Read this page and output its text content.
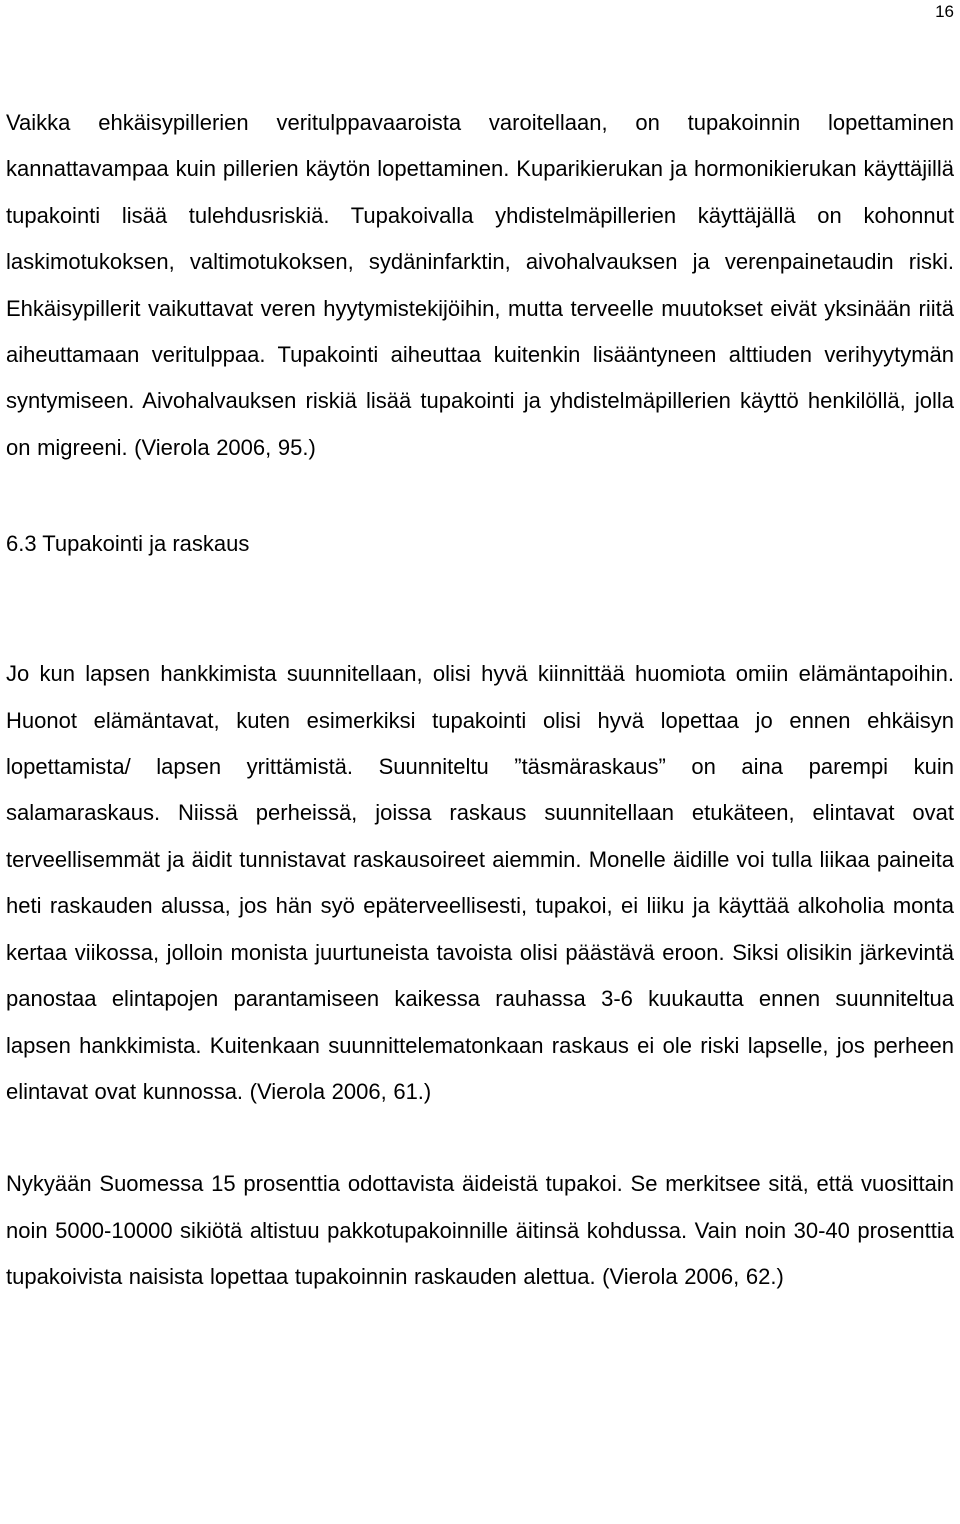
16

Vaikka ehkäisypillerien veritulppavaaroista varoitellaan, on tupakoinnin lopettaminen kannattavampaa kuin pillerien käytön lopettaminen. Kuparikierukan ja hormonikierukan käyttäjillä tupakointi lisää tulehdusriskiä. Tupakoivalla yhdistelmäpillerien käyttäjällä on kohonnut laskimotukoksen, valtimotukoksen, sydäninfarktin, aivohalvauksen ja verenpainetaudin riski. Ehkäisypillerit vaikuttavat veren hyytymistekijöihin, mutta terveelle muutokset eivät yksinään riitä aiheuttamaan veritulppaa. Tupakointi aiheuttaa kuitenkin lisääntyneen alttiuden verihyytymän syntymiseen. Aivohalvauksen riskiä lisää tupakointi ja yhdistelmäpillerien käyttö henkilöllä, jolla on migreeni. (Vierola 2006, 95.)

6.3 Tupakointi ja raskaus

Jo kun lapsen hankkimista suunnitellaan, olisi hyvä kiinnittää huomiota omiin elämäntapoihin. Huonot elämäntavat, kuten esimerkiksi tupakointi olisi hyvä lopettaa jo ennen ehkäisyn lopettamista/ lapsen yrittämistä. Suunniteltu ”täsmäraskaus” on aina parempi kuin salamaraskaus. Niissä perheissä, joissa raskaus suunnitellaan etukäteen, elintavat ovat terveellisemmät ja äidit tunnistavat raskausoireet aiemmin. Monelle äidille voi tulla liikaa paineita heti raskauden alussa, jos hän syö epäterveellisesti, tupakoi, ei liiku ja käyttää alkoholia monta kertaa viikossa, jolloin monista juurtuneista tavoista olisi päästävä eroon. Siksi olisikin järkevintä panostaa elintapojen parantamiseen kaikessa rauhassa 3-6 kuukautta ennen suunniteltua lapsen hankkimista. Kuitenkaan suunnittelematonkaan raskaus ei ole riski lapselle, jos perheen elintavat ovat kunnossa. (Vierola 2006, 61.)

Nykyään Suomessa 15 prosenttia odottavista äideistä tupakoi. Se merkitsee sitä, että vuosittain noin 5000-10000 sikiötä altistuu pakkotupakoinnille äitinsä kohdussa. Vain noin 30-40 prosenttia tupakoivista naisista lopettaa tupakoinnin raskauden alettua. (Vierola 2006, 62.)
